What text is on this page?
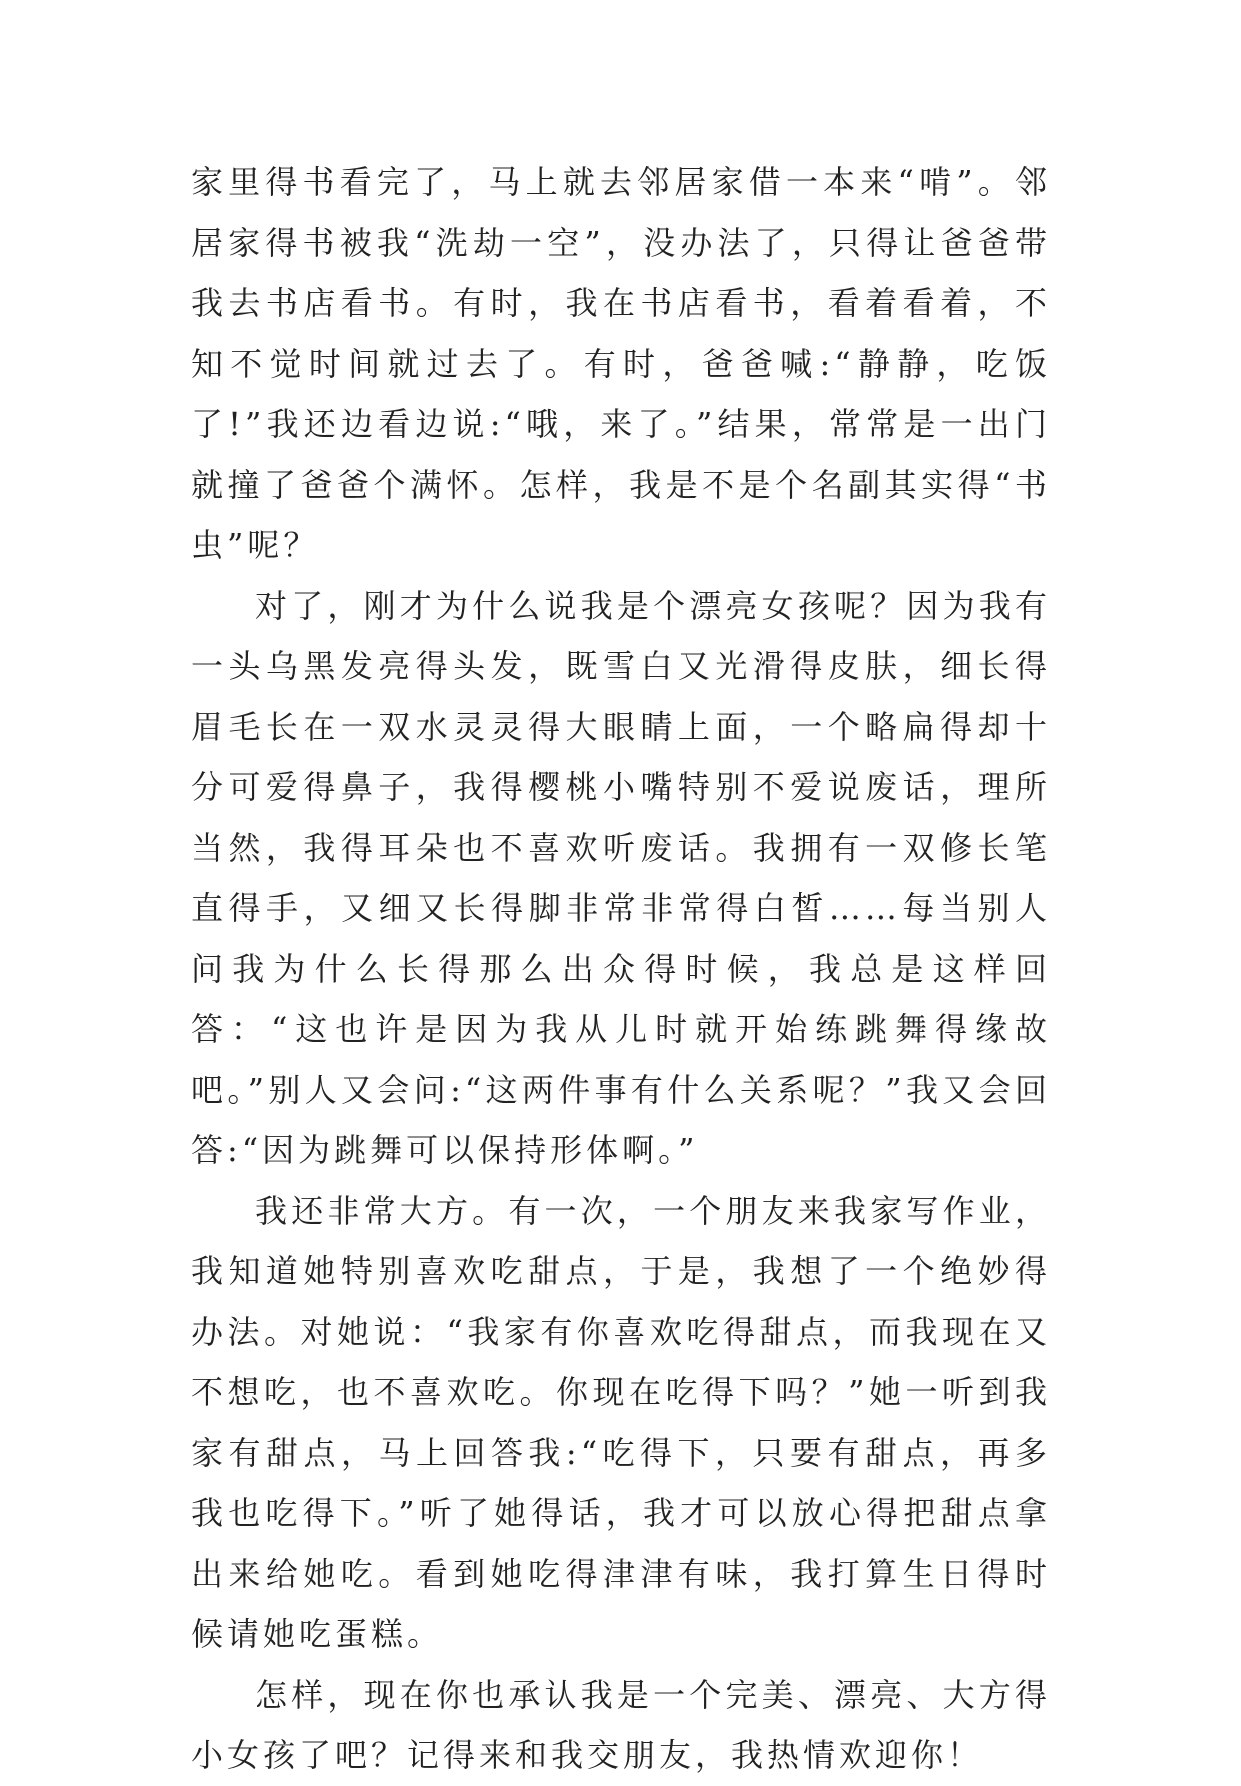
家里得书看完了，马上就去邻居家借一本来“啃”。邻居家得书被我“洗劫一空”，没办法了，只得让爸爸带我去书店看书。有时，我在书店看书，看着看着，不知不觉时间就过去了。有时，爸爸喊:“静静，吃饭了!”我还边看边说:“哦，来了。”结果，常常是一出门就撞了爸爸个满怀。怎样，我是不是个名副其实得“书虫”呢？

对了，刚才为什么说我是个漂亮女孩呢？因为我有一头乌黑发亮得头发，既雪白又光滑得皮肤，细长得眉毛长在一双水灵灵得大眼睛上面，一个略扁得却十分可爱得鼻子，我得樱桃小嘴特别不爱说废话，理所当然，我得耳朵也不喜欢听废话。我拥有一双修长笔直得手，又细又长得脚非常非常得白皙……每当别人问我为什么长得那么出众得时候，我总是这样回答：“这也许是因为我从儿时就开始练跳舞得缘故吧。”别人又会问:“这两件事有什么关系呢？”我又会回答:“因为跳舞可以保持形体啊。”

我还非常大方。有一次，一个朋友来我家写作业，我知道她特别喜欢吃甜点，于是，我想了一个绝妙得办法。对她说：“我家有你喜欢吃得甜点，而我现在又不想吃，也不喜欢吃。你现在吃得下吗？”她一听到我家有甜点，马上回答我:“吃得下，只要有甜点，再多我也吃得下。”听了她得话，我才可以放心得把甜点拿出来给她吃。看到她吃得津津有味，我打算生日得时候请她吃蛋糕。

怎样，现在你也承认我是一个完美、漂亮、大方得小女孩了吧？记得来和我交朋友，我热情欢迎你！
